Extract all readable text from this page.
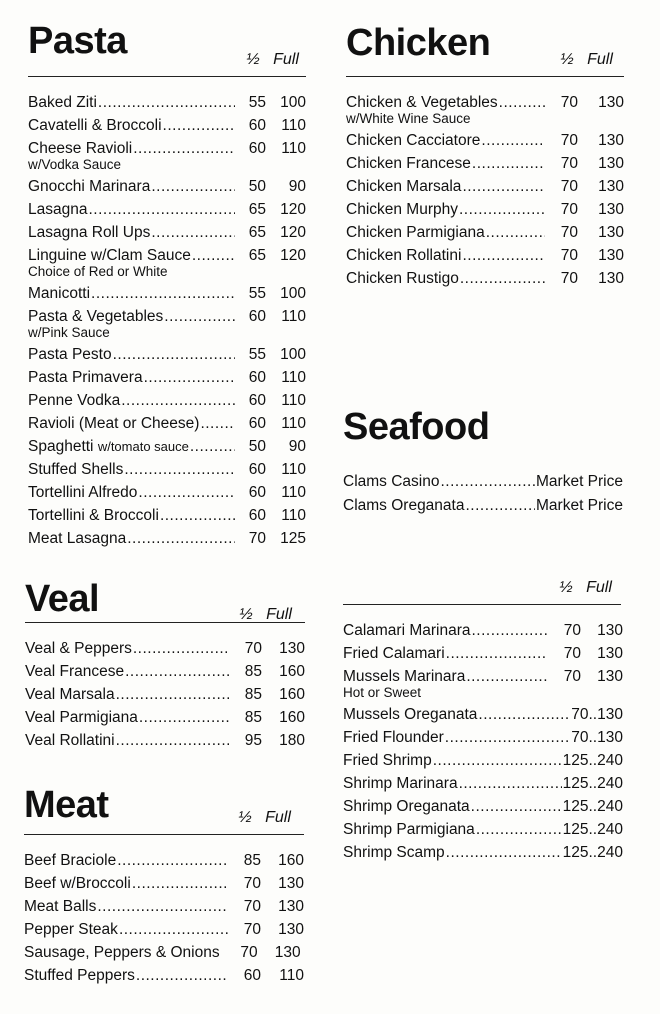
Pasta	½ Full
Baked Ziti .....	55 100
Cavatelli & Broccoli .....	60 110
Cheese Ravioli .....	60 110
w/Vodka Sauce
Gnocchi Marinara .....	50	90
Lasagna .....	65 120
Lasagna Roll Ups .....	65 120
Linguine w/Clam Sauce .....	65 120
Choice of Red or White
Manicotti .....	55 100
Pasta & Vegetables .....	60 110
w/Pink Sauce
Pasta Pesto .....	55 100
Pasta Primavera .....	60 110
Penne Vodka .....	60 110
Ravioli (Meat or Cheese) .....	60 110
Spaghetti w/tomato sauce .....	50	90
Stuffed Shells .....	60 110
Tortellini Alfredo .....	60 110
Tortellini & Broccoli .....	60 110
Meat Lasagna .....	70 125
Veal	½ Full
Veal & Peppers .....	70	130
Veal Francese .....	85	160
Veal Marsala .....	85	160
Veal Parmigiana .....	85	160
Veal Rollatini .....	95	180
Meat	½ Full
Beef Braciole .....	85	160
Beef w/Broccoli .....	70	130
Meat Balls .....	70	130
Pepper Steak .....	70	130
Sausage, Peppers & Onions	70	130
Stuffed Peppers .....	60	110
Chicken	½ Full
Chicken & Vegetables .....	70	130
w/White Wine Sauce
Chicken Cacciatore .....	70	130
Chicken Francese .....	70	130
Chicken Marsala .....	70	130
Chicken Murphy .....	70	130
Chicken Parmigiana .....	70	130
Chicken Rollatini .....	70	130
Chicken Rustigo .....	70	130
Seafood
Clams Casino .....	Market Price
Clams Oreganata .....	Market Price
½ Full
Calamari Marinara .....	70	130
Fried Calamari .....	70	130
Mussels Marinara .....	70	130
Hot or Sweet
Mussels Oreganata .....	70 .. 130
Fried Flounder .....	70 .. 130
Fried Shrimp .....	125 .. 240
Shrimp Marinara .....	125 .. 240
Shrimp Oreganata .....	125 .. 240
Shrimp Parmigiana .....	125 .. 240
Shrimp Scamp .....	125 .. 240
